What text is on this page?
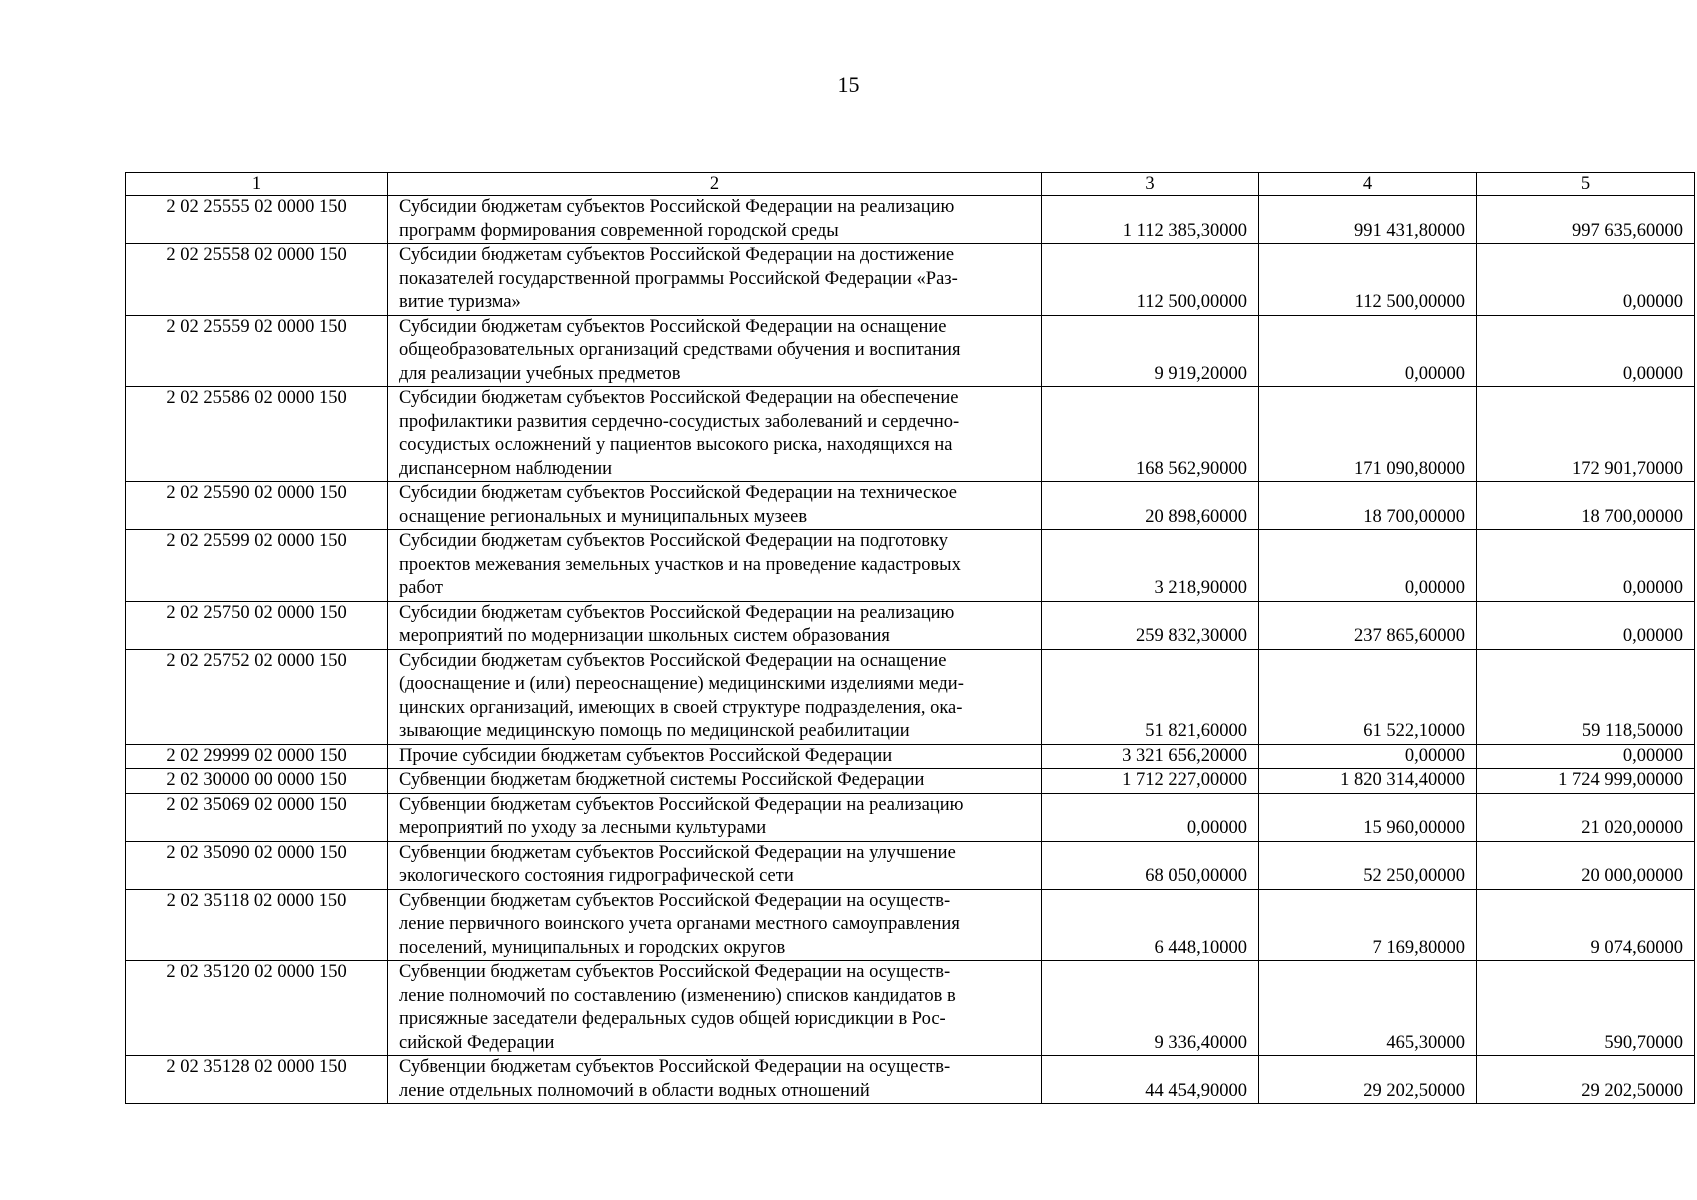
15
1	2	3	4	5
2 02 25555 02 0000 150	Субсидии бюджетам субъектов Российской Федерации на реализацию
программ формирования современной городской среды	1 112 385,30000	991 431,80000	997 635,60000
2 02 25558 02 0000 150	Субсидии бюджетам субъектов Российской Федерации на достижение
показателей государственной программы Российской Федерации «Раз-
витие туризма»	112 500,00000	112 500,00000	0,00000
2 02 25559 02 0000 150	Субсидии бюджетам субъектов Российской Федерации на оснащение
общеобразовательных организаций средствами обучения и воспитания
для реализации учебных предметов	9 919,20000	0,00000	0,00000
2 02 25586 02 0000 150	Субсидии бюджетам субъектов Российской Федерации на обеспечение
профилактики развития сердечно-сосудистых заболеваний и сердечно-
сосудистых осложнений у пациентов высокого риска, находящихся на
диспансерном наблюдении	168 562,90000	171 090,80000	172 901,70000
2 02 25590 02 0000 150	Субсидии бюджетам субъектов Российской Федерации на техническое
оснащение региональных и муниципальных музеев	20 898,60000	18 700,00000	18 700,00000
2 02 25599 02 0000 150	Субсидии бюджетам субъектов Российской Федерации на подготовку
проектов межевания земельных участков и на проведение кадастровых
работ	3 218,90000	0,00000	0,00000
2 02 25750 02 0000 150	Субсидии бюджетам субъектов Российской Федерации на реализацию
мероприятий по модернизации школьных систем образования	259 832,30000	237 865,60000	0,00000
2 02 25752 02 0000 150	Субсидии бюджетам субъектов Российской Федерации на оснащение
(дооснащение и (или) переоснащение) медицинскими изделиями меди-
цинских организаций, имеющих в своей структуре подразделения, ока-
зывающие медицинскую помощь по медицинской реабилитации	51 821,60000	61 522,10000	59 118,50000
2 02 29999 02 0000 150	Прочие субсидии бюджетам субъектов Российской Федерации	3 321 656,20000	0,00000	0,00000
2 02 30000 00 0000 150	Субвенции бюджетам бюджетной системы Российской Федерации	1 712 227,00000	1 820 314,40000	1 724 999,00000
2 02 35069 02 0000 150	Субвенции бюджетам субъектов Российской Федерации на реализацию
мероприятий по уходу за лесными культурами	0,00000	15 960,00000	21 020,00000
2 02 35090 02 0000 150	Субвенции бюджетам субъектов Российской Федерации на улучшение
экологического состояния гидрографической сети	68 050,00000	52 250,00000	20 000,00000
2 02 35118 02 0000 150	Субвенции бюджетам субъектов Российской Федерации на осуществ-
ление первичного воинского учета органами местного самоуправления
поселений, муниципальных и городских округов	6 448,10000	7 169,80000	9 074,60000
2 02 35120 02 0000 150	Субвенции бюджетам субъектов Российской Федерации на осуществ-
ление полномочий по составлению (изменению) списков кандидатов в
присяжные заседатели федеральных судов общей юрисдикции в Рос-
сийской Федерации	9 336,40000	465,30000	590,70000
2 02 35128 02 0000 150	Субвенции бюджетам субъектов Российской Федерации на осуществ-
ление отдельных полномочий в области водных отношений	44 454,90000	29 202,50000	29 202,50000
